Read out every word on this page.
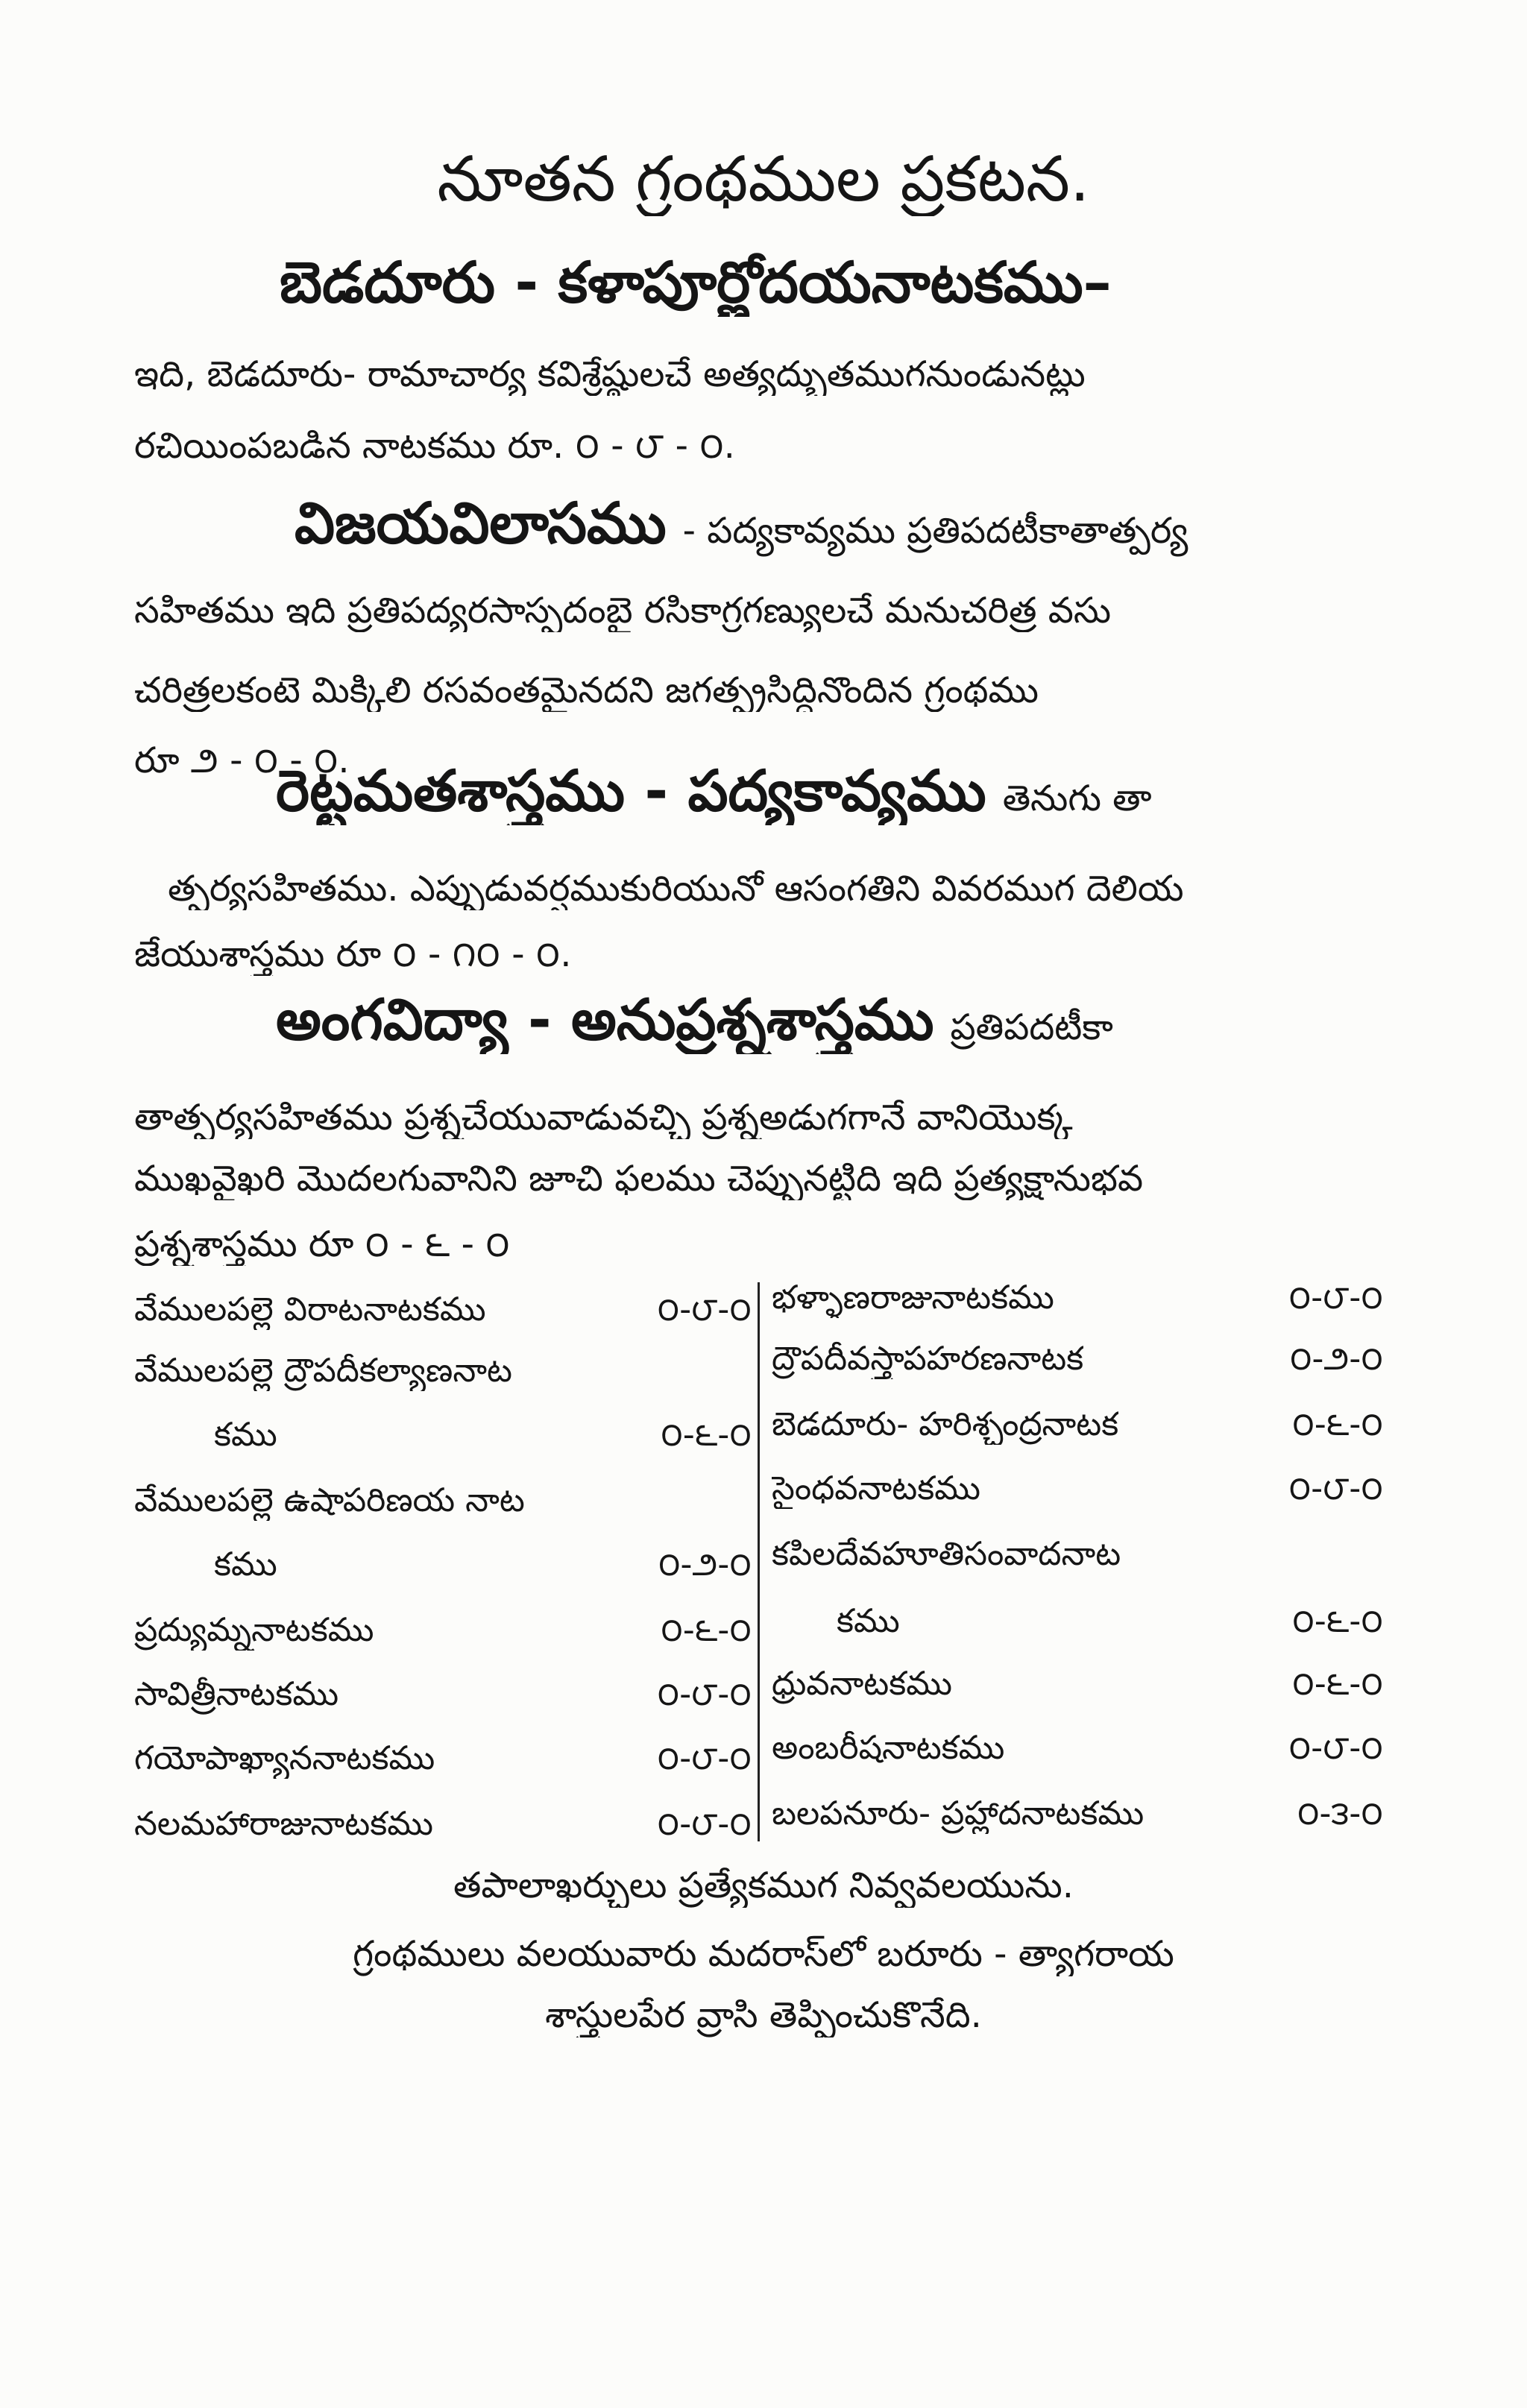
నూతన గ్రంథముల ప్రకటన.
బెడదూరు - కళాపూర్ణోదయనాటకము–
ఇది, బెడదూరు- రామాచార్య కవిశ్రేష్ఠులచే అత్యద్భుతముగనుండునట్లు
రచియింపబడిన నాటకము రూ. ౦ - ౮ - ౦.
విజయవిలాసము - పద్యకావ్యము ప్రతిపదటీకాతాత్పర్య
సహితము ఇది ప్రతిపద్యరసాస్పదంబై రసికాగ్రగణ్యులచే మనుచరిత్ర వసు
చరిత్రలకంటె మిక్కిలి రసవంతమైనదని జగత్ప్రసిద్ధినొందిన గ్రంథము
రూ ౨ - ౦ - ౦.
రెట్టమతశాస్త్రము - పద్యకావ్యము తెనుగు తా
త్పర్యసహితము. ఎప్పుడువర్షముకురియునో ఆసంగతిని వివరముగ దెలియ
జేయుశాస్త్రము రూ ౦ - ౧౦ - ౦.
అంగవిద్యా - అనుప్రశ్నశాస్త్రము ప్రతిపదటీకా
తాత్పర్యసహితము ప్రశ్నచేయువాడువచ్చి ప్రశ్నఅడుగగానే వానియొక్క
ముఖవైఖరి మొదలగువానిని జూచి ఫలము చెప్పునట్టిది ఇది ప్రత్యక్షానుభవ
ప్రశ్నశాస్త్రము రూ ౦ - ౬ - ౦
వేములపల్లె విరాటనాటకము	౦-౮-౦
వేములపల్లె ద్రౌపదీకల్యాణనాట
కము	౦-౬-౦
వేములపల్లె ఉషాపరిణయ నాట
కము	౦-౨-౦
ప్రద్యుమ్ననాటకము	౦-౬-౦
సావిత్రీనాటకము	౦-౮-౦
గయోపాఖ్యాననాటకము	౦-౮-౦
నలమహారాజునాటకము	౦-౮-౦
భళ్ళాణరాజునాటకము	౦-౮-౦
ద్రౌపదీవస్త్రాపహరణనాటక	౦-౨-౦
బెడదూరు- హరిశ్చంద్రనాటక	౦-౬-౦
సైంధవనాటకము	౦-౮-౦
కపిలదేవహూతిసంవాదనాట
కము	౦-౬-౦
ధ్రువనాటకము	౦-౬-౦
అంబరీషనాటకము	౦-౮-౦
బలపనూరు- ప్రహ్లాదనాటకము	౦-౩-౦
తపాలాఖర్చులు ప్రత్యేకముగ నివ్వవలయును.
గ్రంథములు వలయువారు మదరాస్‌లో బరూరు - త్యాగరాయ
శాస్త్రులపేర వ్రాసి తెప్పించుకొనేది.
